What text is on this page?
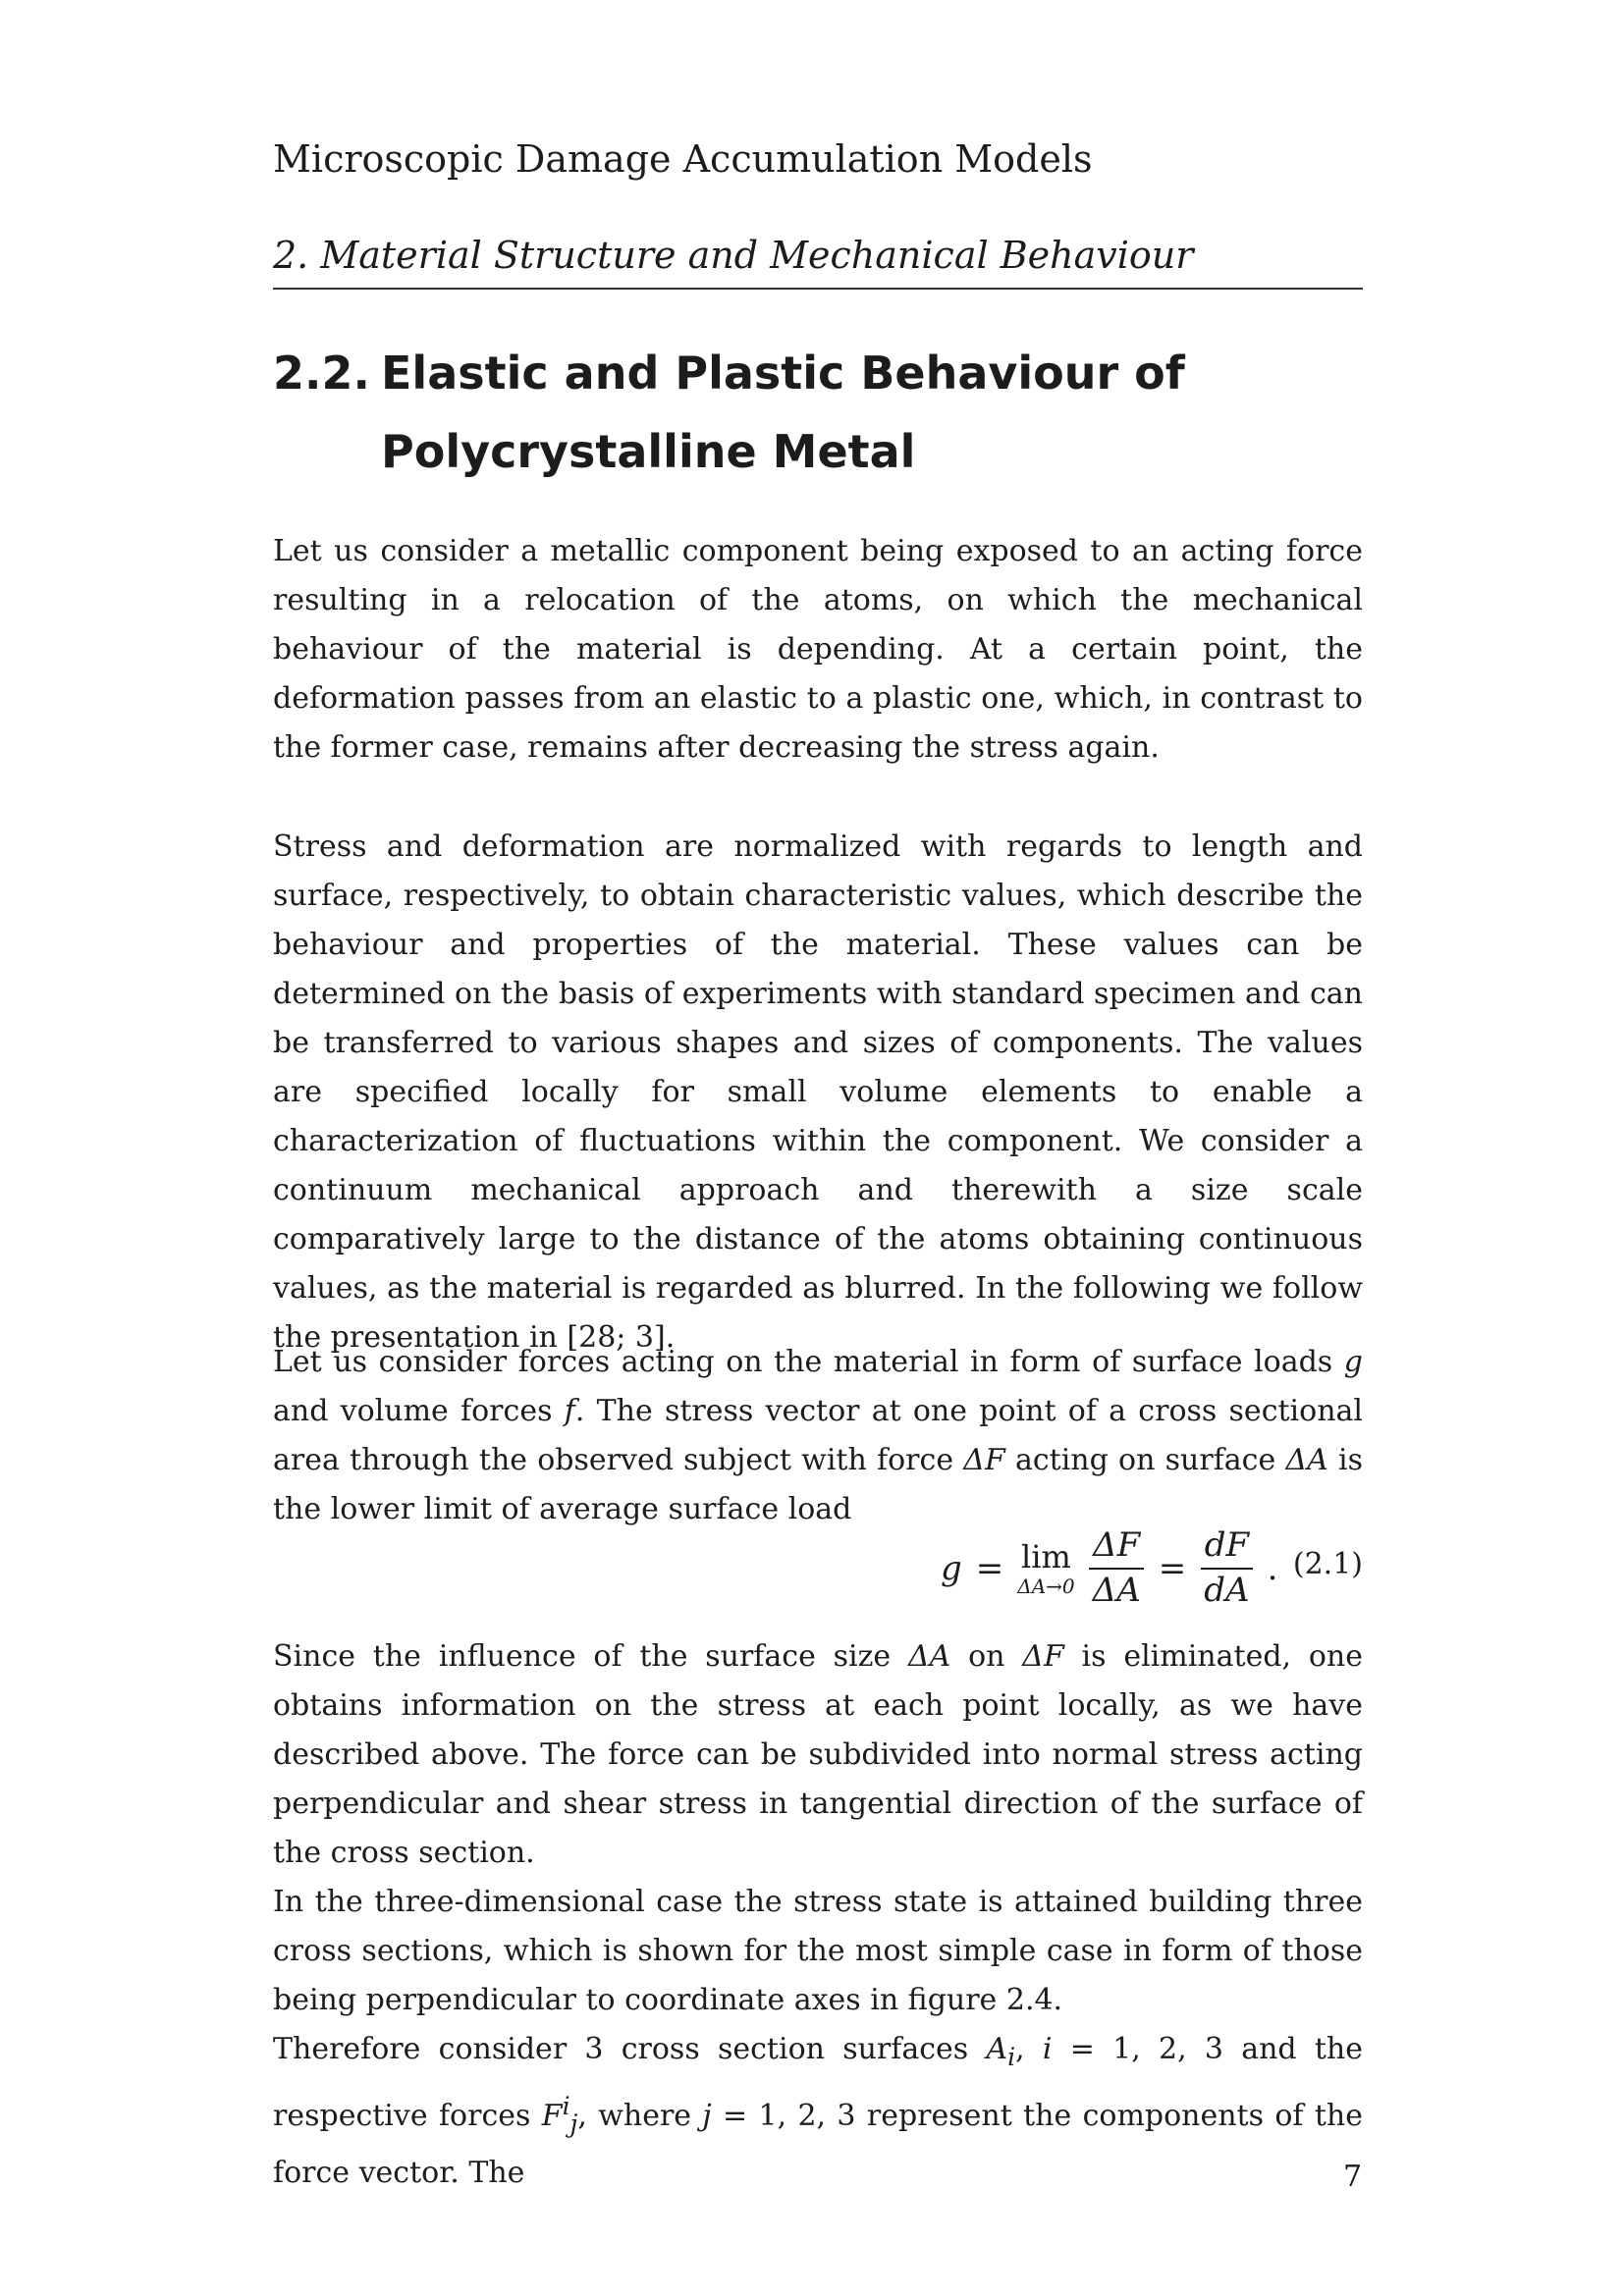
Microscopic Damage Accumulation Models
2. Material Structure and Mechanical Behaviour
2.2. Elastic and Plastic Behaviour of
Polycrystalline Metal

Let us consider a metallic component being exposed to an acting force resulting in a relocation of the atoms, on which the mechanical behaviour of the material is depending. At a certain point, the deformation passes from an elastic to a plastic one, which, in contrast to the former case, remains after decreasing the stress again.

Stress and deformation are normalized with regards to length and surface, respectively, to obtain characteristic values, which describe the behaviour and properties of the material. These values can be determined on the basis of experiments with standard specimen and can be transferred to various shapes and sizes of components. The values are specified locally for small volume elements to enable a characterization of fluctuations within the component. We consider a continuum mechanical approach and therewith a size scale comparatively large to the distance of the atoms obtaining continuous values, as the material is regarded as blurred. In the following we follow the presentation in [28; 3].

Let us consider forces acting on the material in form of surface loads g and volume forces f. The stress vector at one point of a cross sectional area through the observed subject with force ΔF acting on surface ΔA is the lower limit of average surface load

g = lim
$\Delta A\to 0 \frac{\Delta F}{\Delta A} = \frac{dF}{dA}$ . (2.1)

Since the influence of the surface size ΔA on ΔF is eliminated, one obtains information on the stress at each point locally, as we have described above. The force can be subdivided into normal stress acting perpendicular and shear stress in tangential direction of the surface of the cross section.

In the three-dimensional case the stress state is attained building three cross sections, which is shown for the most simple case in form of those being perpendicular to coordinate axes in figure 2.4.

Therefore consider 3 cross section surfaces $A_i$, i = 1, 2, 3 and the respective forces $F^i_j$, where j = 1, 2, 3 represent the components of the force vector. The	7
